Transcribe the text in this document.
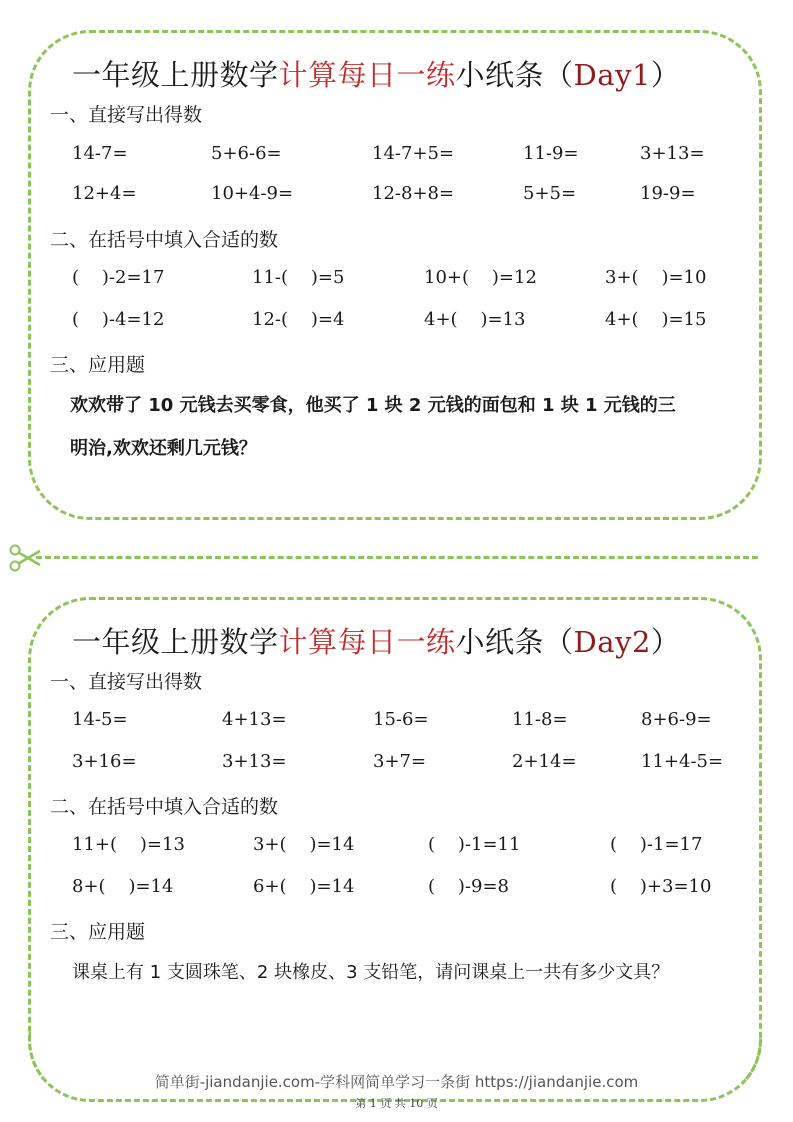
一年级上册数学计算每日一练小纸条（Day1）
一、直接写出得数
14-7=	5+6-6=	14-7+5=	11-9=	3+13=
12+4=	10+4-9=	12-8+8=	5+5=	19-9=
二、在括号中填入合适的数
(    )-2=17	11-(    )=5	10+(    )=12	3+(    )=10
(    )-4=12	12-(    )=4	4+(    )=13	4+(    )=15
三、应用题
欢欢带了 10 元钱去买零食，他买了 1 块 2 元钱的面包和 1 块 1 元钱的三
明治,欢欢还剩几元钱？
一年级上册数学计算每日一练小纸条（Day2）
一、直接写出得数
14-5=	4+13=	15-6=	11-8=	8+6-9=
3+16=	3+13=	3+7=	2+14=	11+4-5=
二、在括号中填入合适的数
11+(    )=13	3+(    )=14	(    )-1=11	(    )-1=17
8+(    )=14	6+(    )=14	(    )-9=8	(    )+3=10
三、应用题
课桌上有 1 支圆珠笔、2 块橡皮、3 支铅笔，请问课桌上一共有多少文具？
简单街-jiandanjie.com-学科网简单学习一条街 https://jiandanjie.com
第 1 页 共 10 页
